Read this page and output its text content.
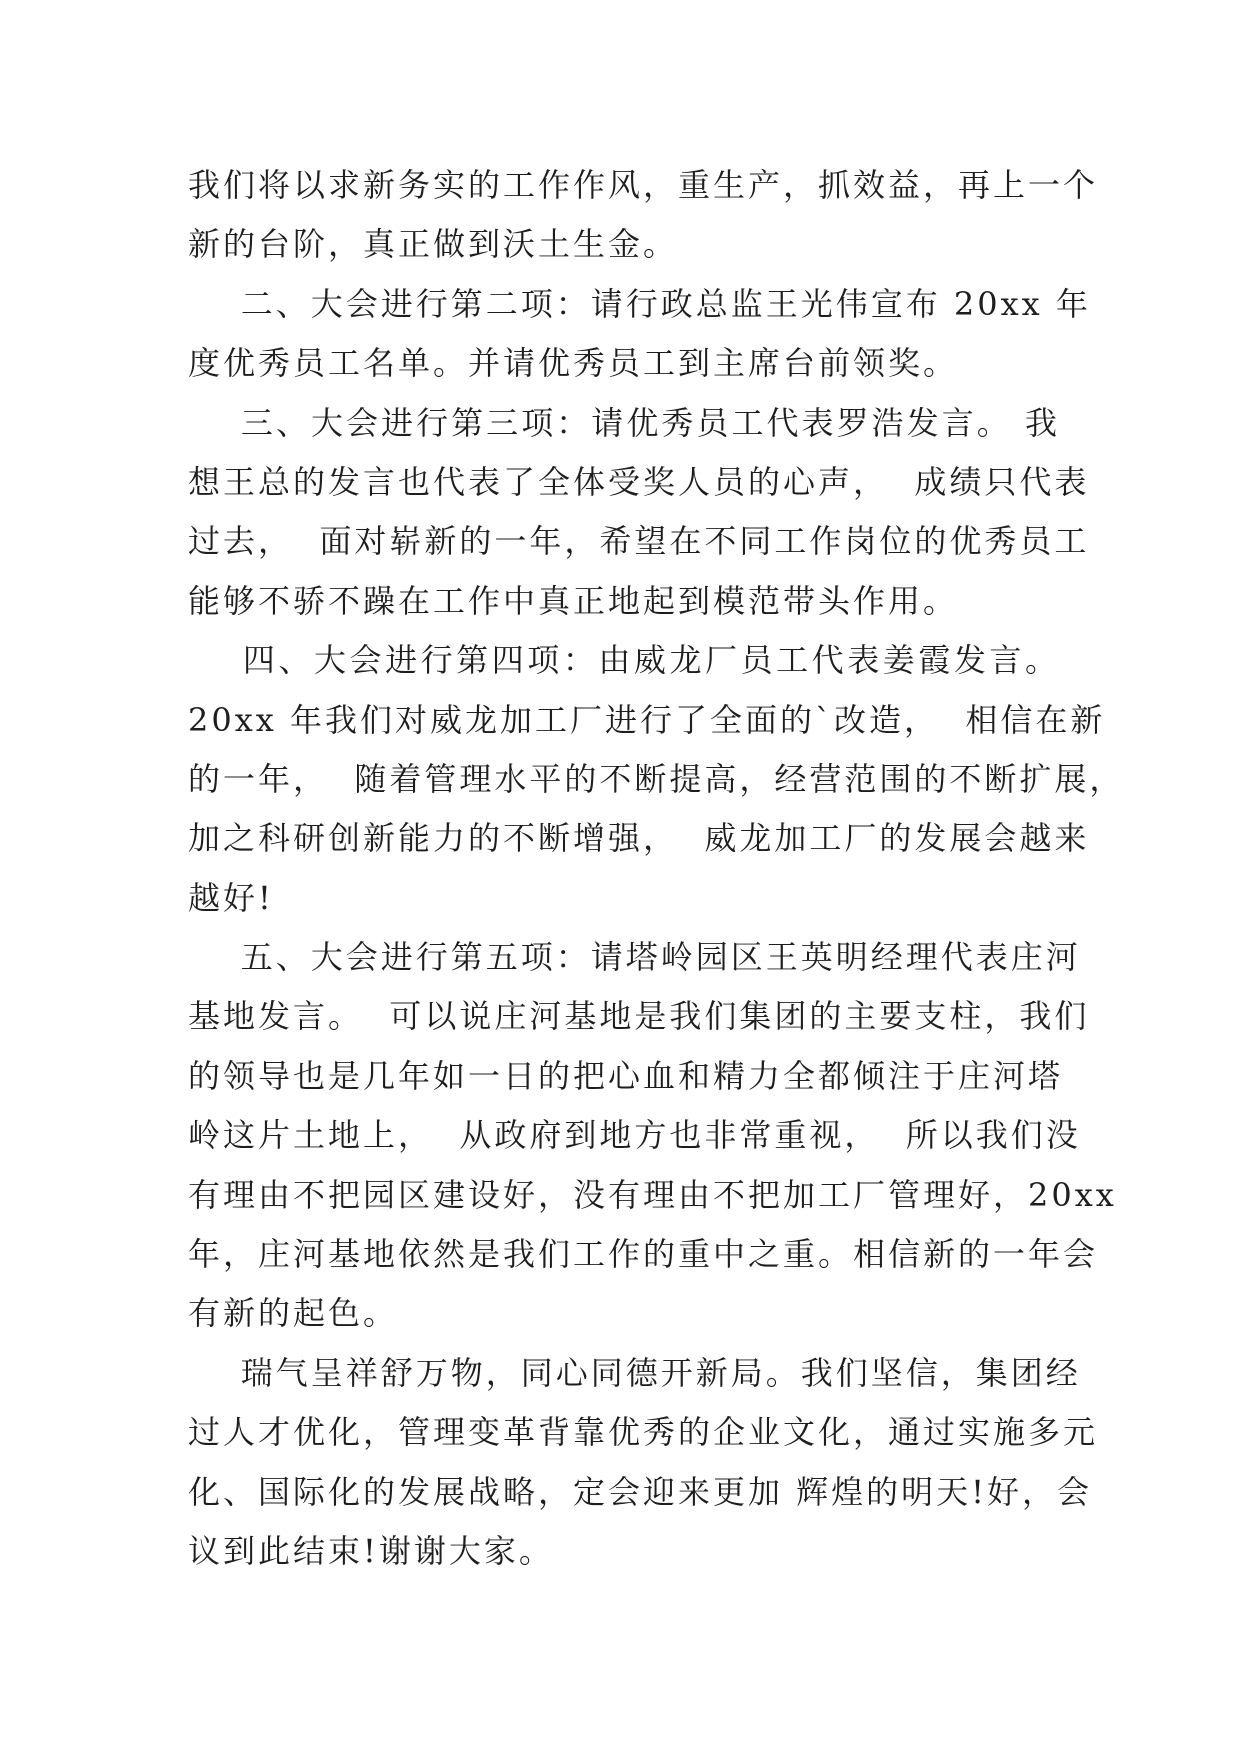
我们将以求新务实的工作作风，重生产，抓效益，再上一个
新的台阶，真正做到沃土生金。
二、大会进行第二项：请行政总监王光伟宣布 20xx 年
度优秀员工名单。并请优秀员工到主席台前领奖。
三、大会进行第三项：请优秀员工代表罗浩发言。 我
想王总的发言也代表了全体受奖人员的心声，  成绩只代表
过去，  面对崭新的一年，希望在不同工作岗位的优秀员工
能够不骄不躁在工作中真正地起到模范带头作用。
四、大会进行第四项：由威龙厂员工代表姜霞发言。
20xx 年我们对威龙加工厂进行了全面的`改造，  相信在新
的一年，  随着管理水平的不断提高，经营范围的不断扩展，
加之科研创新能力的不断增强，  威龙加工厂的发展会越来
越好!
五、大会进行第五项：请塔岭园区王英明经理代表庄河
基地发言。  可以说庄河基地是我们集团的主要支柱，我们
的领导也是几年如一日的把心血和精力全都倾注于庄河塔
岭这片土地上，  从政府到地方也非常重视，  所以我们没
有理由不把园区建设好，没有理由不把加工厂管理好，20xx
年，庄河基地依然是我们工作的重中之重。相信新的一年会
有新的起色。
瑞气呈祥舒万物，同心同德开新局。我们坚信，集团经
过人才优化，管理变革背靠优秀的企业文化，通过实施多元
化、国际化的发展战略，定会迎来更加 辉煌的明天!好，会
议到此结束!谢谢大家。
